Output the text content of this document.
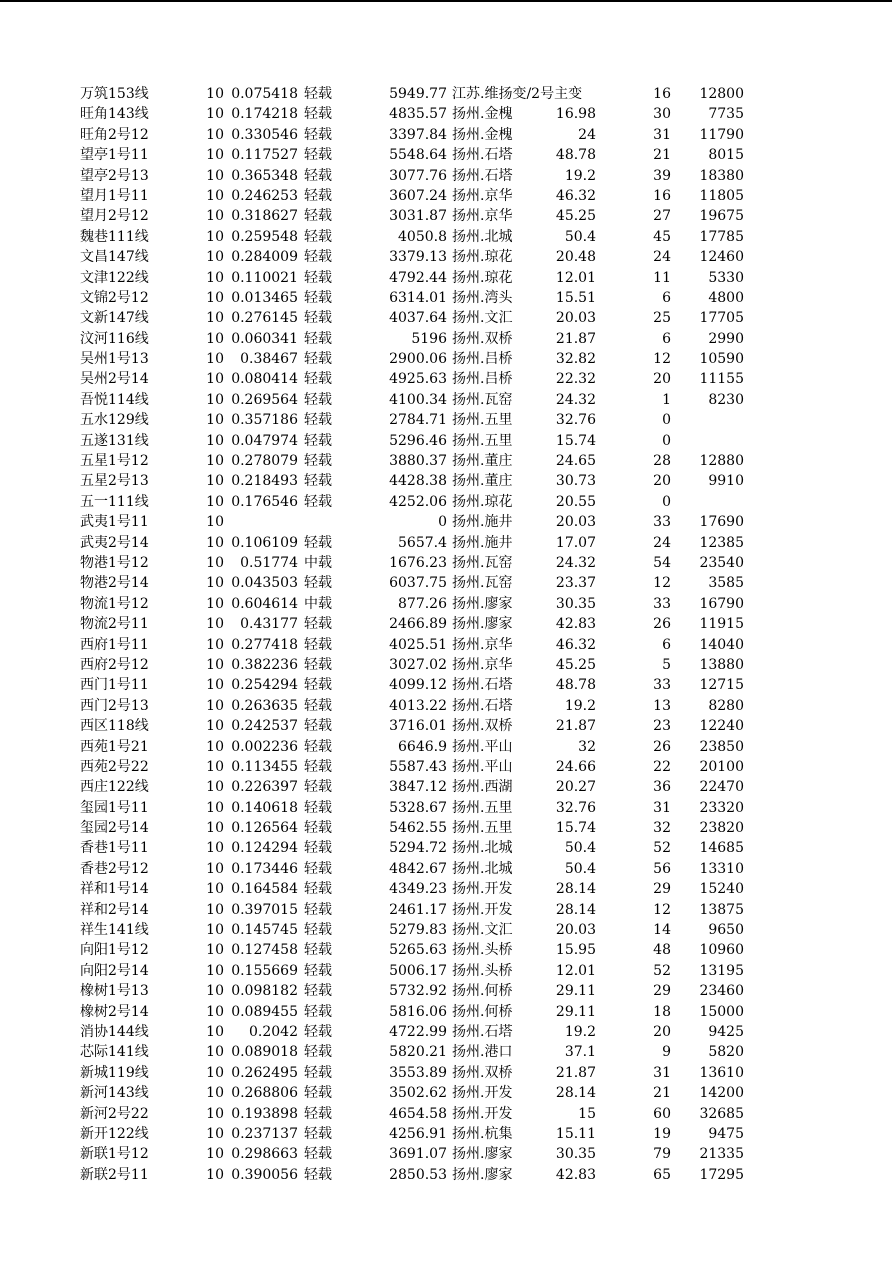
万筑153线	10 0.075418 轻载	5949.77 江苏.维扬变/2号主变	16	12800
旺角143线	10 0.174218 轻载	4835.57 扬州.金槐	16.98	30	7735
旺角2号12	10 0.330546 轻载	3397.84 扬州.金槐	24	31	11790
望亭1号11	10 0.117527 轻载	5548.64 扬州.石塔	48.78	21	8015
望亭2号13	10 0.365348 轻载	3077.76 扬州.石塔	19.2	39	18380
望月1号11	10 0.246253 轻载	3607.24 扬州.京华	46.32	16	11805
望月2号12	10 0.318627 轻载	3031.87 扬州.京华	45.25	27	19675
魏巷111线	10 0.259548 轻载	4050.8 扬州.北城	50.4	45	17785
文昌147线	10 0.284009 轻载	3379.13 扬州.琼花	20.48	24	12460
文津122线	10 0.110021 轻载	4792.44 扬州.琼花	12.01	11	5330
文锦2号12	10 0.013465 轻载	6314.01 扬州.湾头	15.51	6	4800
文新147线	10 0.276145 轻载	4037.64 扬州.文汇	20.03	25	17705
汶河116线	10 0.060341 轻载	5196 扬州.双桥	21.87	6	2990
吴州1号13	10	0.38467 轻载	2900.06 扬州.吕桥	32.82	12	10590
吴州2号14	10 0.080414 轻载	4925.63 扬州.吕桥	22.32	20	11155
吾悦114线	10 0.269564 轻载	4100.34 扬州.瓦窑	24.32	1	8230
五水129线	10 0.357186 轻载	2784.71 扬州.五里	32.76	0
五遂131线	10 0.047974 轻载	5296.46 扬州.五里	15.74	0
五星1号12	10 0.278079 轻载	3880.37 扬州.董庄	24.65	28	12880
五星2号13	10 0.218493 轻载	4428.38 扬州.董庄	30.73	20	9910
五一111线	10 0.176546 轻载	4252.06 扬州.琼花	20.55	0
武夷1号11	10	0 扬州.施井	20.03	33	17690
武夷2号14	10 0.106109 轻载	5657.4 扬州.施井	17.07	24	12385
物港1号12	10	0.51774 中载	1676.23 扬州.瓦窑	24.32	54	23540
物港2号14	10 0.043503 轻载	6037.75 扬州.瓦窑	23.37	12	3585
物流1号12	10 0.604614 中载	877.26 扬州.廖家	30.35	33	16790
物流2号11	10	0.43177 轻载	2466.89 扬州.廖家	42.83	26	11915
西府1号11	10 0.277418 轻载	4025.51 扬州.京华	46.32	6	14040
西府2号12	10 0.382236 轻载	3027.02 扬州.京华	45.25	5	13880
西门1号11	10 0.254294 轻载	4099.12 扬州.石塔	48.78	33	12715
西门2号13	10 0.263635 轻载	4013.22 扬州.石塔	19.2	13	8280
西区118线	10 0.242537 轻载	3716.01 扬州.双桥	21.87	23	12240
西苑1号21	10 0.002236 轻载	6646.9 扬州.平山	32	26	23850
西苑2号22	10 0.113455 轻载	5587.43 扬州.平山	24.66	22	20100
西庄122线	10 0.226397 轻载	3847.12 扬州.西湖	20.27	36	22470
玺园1号11	10 0.140618 轻载	5328.67 扬州.五里	32.76	31	23320
玺园2号14	10 0.126564 轻载	5462.55 扬州.五里	15.74	32	23820
香巷1号11	10 0.124294 轻载	5294.72 扬州.北城	50.4	52	14685
香巷2号12	10 0.173446 轻载	4842.67 扬州.北城	50.4	56	13310
祥和1号14	10 0.164584 轻载	4349.23 扬州.开发	28.14	29	15240
祥和2号14	10 0.397015 轻载	2461.17 扬州.开发	28.14	12	13875
祥生141线	10 0.145745 轻载	5279.83 扬州.文汇	20.03	14	9650
向阳1号12	10 0.127458 轻载	5265.63 扬州.头桥	15.95	48	10960
向阳2号14	10 0.155669 轻载	5006.17 扬州.头桥	12.01	52	13195
橡树1号13	10 0.098182 轻载	5732.92 扬州.何桥	29.11	29	23460
橡树2号14	10 0.089455 轻载	5816.06 扬州.何桥	29.11	18	15000
消协144线	10	0.2042 轻载	4722.99 扬州.石塔	19.2	20	9425
芯际141线	10 0.089018 轻载	5820.21 扬州.港口	37.1	9	5820
新城119线	10 0.262495 轻载	3553.89 扬州.双桥	21.87	31	13610
新河143线	10 0.268806 轻载	3502.62 扬州.开发	28.14	21	14200
新河2号22	10 0.193898 轻载	4654.58 扬州.开发	15	60	32685
新开122线	10 0.237137 轻载	4256.91 扬州.杭集	15.11	19	9475
新联1号12	10 0.298663 轻载	3691.07 扬州.廖家	30.35	79	21335
新联2号11	10 0.390056 轻载	2850.53 扬州.廖家	42.83	65	17295
